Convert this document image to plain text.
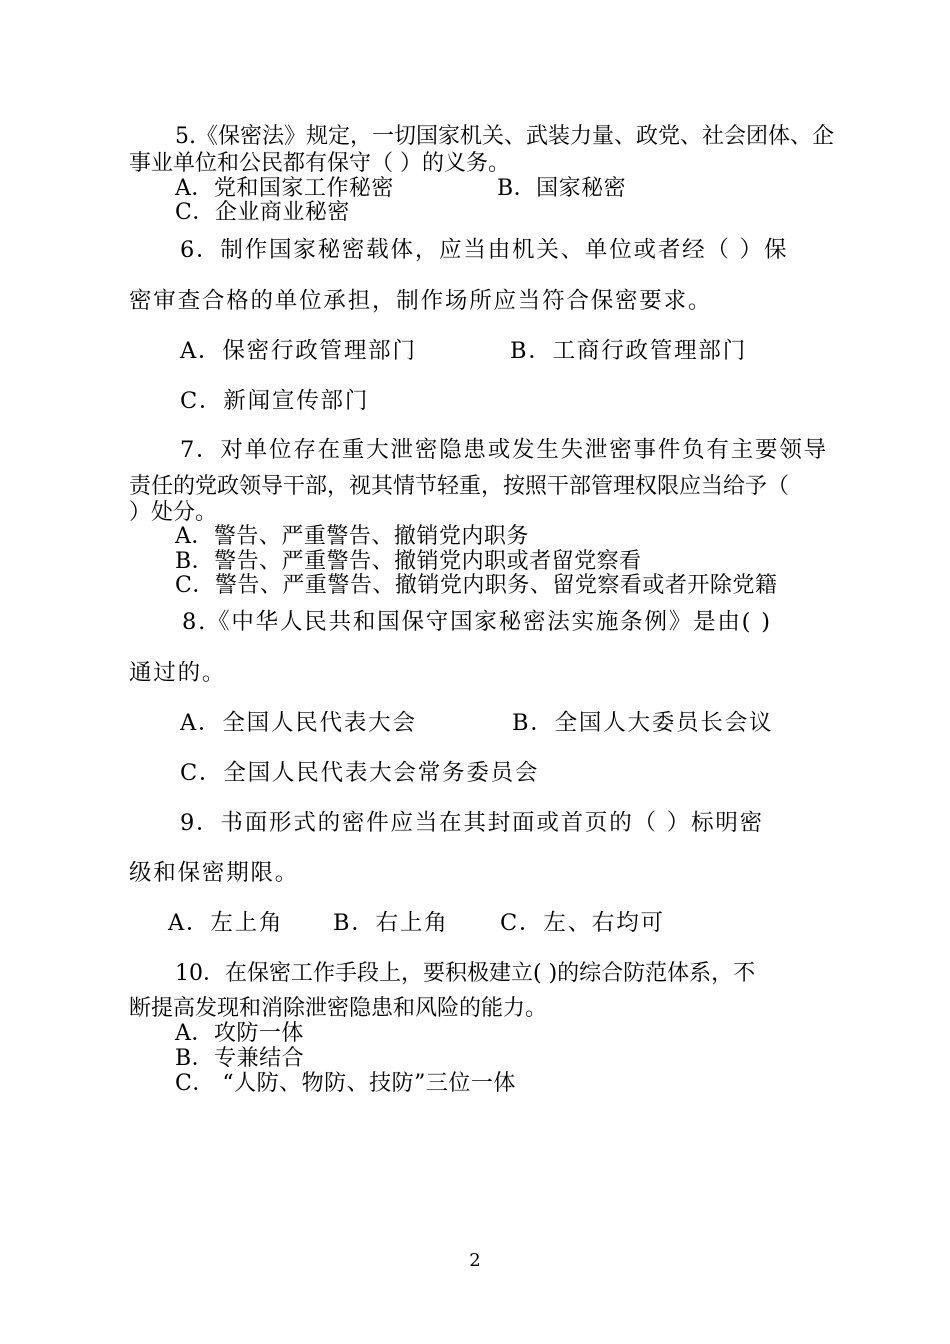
5.《保密法》规定，一切国家机关、武装力量、政党、社会团体、企
事业单位和公民都有保守（ ）的义务。
A．党和国家工作秘密	B．国家秘密
C．企业商业秘密
6．制作国家秘密载体，应当由机关、单位或者经（ ）保
密审查合格的单位承担，制作场所应当符合保密要求。
A．保密行政管理部门	B．工商行政管理部门
C．新闻宣传部门
7．对单位存在重大泄密隐患或发生失泄密事件负有主要领导
责任的党政领导干部，视其情节轻重，按照干部管理权限应当给予（
）处分。
A．警告、严重警告、撤销党内职务
B．警告、严重警告、撤销党内职或者留党察看
C．警告、严重警告、撤销党内职务、留党察看或者开除党籍
8.《中华人民共和国保守国家秘密法实施条例》是由( )
通过的。
A．全国人民代表大会	B．全国人大委员长会议
C．全国人民代表大会常务委员会
9．书面形式的密件应当在其封面或首页的（ ）标明密
级和保密期限。
A．左上角 B．右上角 C．左、右均可
10．在保密工作手段上，要积极建立( )的综合防范体系，不
断提高发现和消除泄密隐患和风险的能力。
A．攻防一体
B．专兼结合
C． “人防、物防、技防”三位一体
2
